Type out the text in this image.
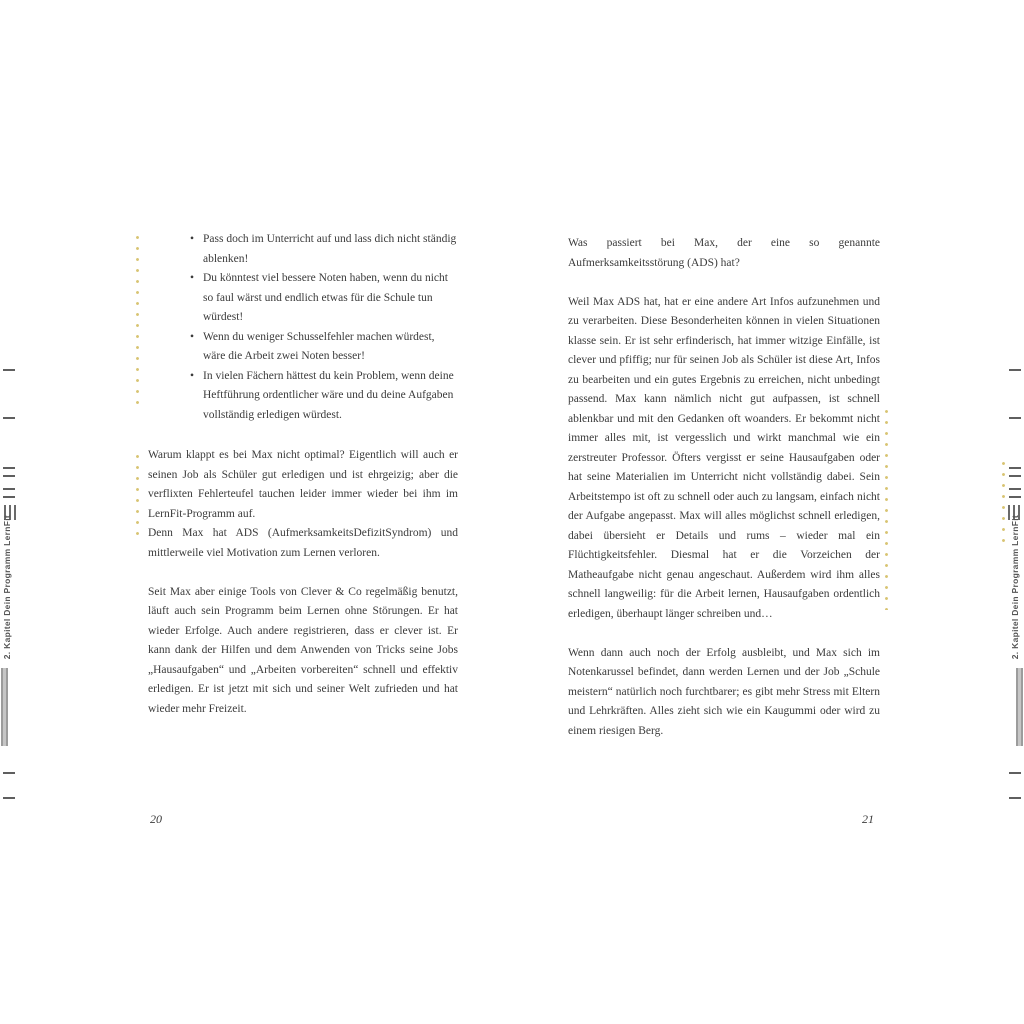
• Pass doch im Unterricht auf und lass dich nicht ständig ablenken!
• Du könntest viel bessere Noten haben, wenn du nicht so faul wärst und endlich etwas für die Schule tun würdest!
• Wenn du weniger Schusselfehler machen würdest, wäre die Arbeit zwei Noten besser!
• In vielen Fächern hättest du kein Problem, wenn deine Heftführung ordentlicher wäre und du deine Aufgaben vollständig erledigen würdest.

Warum klappt es bei Max nicht optimal? Eigentlich will auch er seinen Job als Schüler gut erledigen und ist ehrgeizig; aber die verflixten Fehlerteufel tauchen leider immer wieder bei ihm im LernFit-Programm auf.

Denn Max hat ADS (AufmerksamkeitsDefizitSyndrom) und mittlerweile viel Motivation zum Lernen verloren.

Seit Max aber einige Tools von Clever & Co regelmäßig benutzt, läuft auch sein Programm beim Lernen ohne Störungen. Er hat wieder Erfolge. Auch andere registrieren, dass er clever ist. Er kann dank der Hilfen und dem Anwenden von Tricks seine Jobs „Hausaufgaben“ und „Arbeiten vorbereiten“ schnell und effektiv erledigen. Er ist jetzt mit sich und seiner Welt zufrieden und hat wieder mehr Freizeit.

Was passiert bei Max, der eine so genannte Aufmerksamkeitsstörung (ADS) hat?

Weil Max ADS hat, hat er eine andere Art Infos aufzunehmen und zu verarbeiten. Diese Besonderheiten können in vielen Situationen klasse sein. Er ist sehr erfinderisch, hat immer witzige Einfälle, ist clever und pfiffig; nur für seinen Job als Schüler ist diese Art, Infos zu bearbeiten und ein gutes Ergebnis zu erreichen, nicht unbedingt passend. Max kann nämlich nicht gut aufpassen, ist schnell ablenkbar und mit den Gedanken oft woanders. Er bekommt nicht immer alles mit, ist vergesslich und wirkt manchmal wie ein zerstreuter Professor. Öfters vergisst er seine Hausaufgaben oder hat seine Materialien im Unterricht nicht vollständig dabei. Sein Arbeitstempo ist oft zu schnell oder auch zu langsam, einfach nicht der Aufgabe angepasst. Max will alles möglichst schnell erledigen, dabei übersieht er Details und rums – wieder mal ein Flüchtigkeitsfehler. Diesmal hat er die Vorzeichen der Matheaufgabe nicht genau angeschaut. Außerdem wird ihm alles schnell langweilig: für die Arbeit lernen, Hausaufgaben ordentlich erledigen, überhaupt länger schreiben und…

Wenn dann auch noch der Erfolg ausbleibt, und Max sich im Notenkarussel befindet, dann werden Lernen und der Job „Schule meistern“ natürlich noch furchtbarer; es gibt mehr Stress mit Eltern und Lehrkräften. Alles zieht sich wie ein Kaugummi oder wird zu einem riesigen Berg.

20	21
2. Kapitel Dein Programm LernFit	2. Kapitel Dein Programm LernFit
